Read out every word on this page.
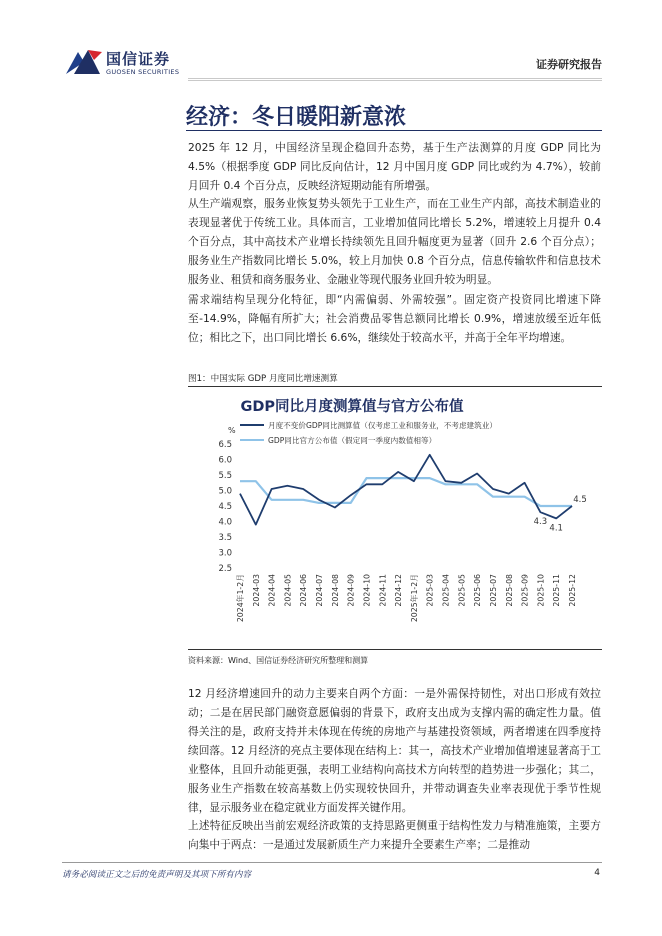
国信证券
GUOSEN SECURITIES
证券研究报告
经济：冬日暖阳新意浓

2025 年 12 月，中国经济呈现企稳回升态势，基于生产法测算的月度 GDP 同比为 4.5%（根据季度 GDP 同比反向估计，12 月中国月度 GDP 同比或约为 4.7%），较前月回升 0.4 个百分点，反映经济短期动能有所增强。

从生产端观察，服务业恢复势头领先于工业生产，而在工业生产内部，高技术制造业的表现显著优于传统工业。具体而言，工业增加值同比增长 5.2%，增速较上月提升 0.4 个百分点，其中高技术产业增长持续领先且回升幅度更为显著（回升 2.6 个百分点）；服务业生产指数同比增长 5.0%，较上月加快 0.8 个百分点，信息传输软件和信息技术服务业、租赁和商务服务业、金融业等现代服务业回升较为明显。

需求端结构呈现分化特征，即“内需偏弱、外需较强”。固定资产投资同比增速下降至-14.9%，降幅有所扩大；社会消费品零售总额同比增长 0.9%，增速放缓至近年低位；相比之下，出口同比增长 6.6%，继续处于较高水平，并高于全年平均增速。

图1：中国实际 GDP 月度同比增速测算
GDP同比月度测算值与官方公布值
月度不变价GDP同比测算值（仅考虑工业和服务业，不考虑建筑业）
GDP同比官方公布值（假定同一季度内数值相等）
%
6.5
6.0
5.5
5.0
4.5
4.0
3.5
3.0
2.5
2024年1-2月 2024-03 2024-04 2024-05 2024-06 2024-07 2024-08 2024-09 2024-10 2024-11 2024-12 2025年1-2月 2025-03 2025-04 2025-05 2025-06 2025-07 2025-08 2025-09 2025-10 2025-11 2025-12
4.3
4.1
4.5
资料来源：Wind、国信证券经济研究所整理和测算

12 月经济增速回升的动力主要来自两个方面：一是外需保持韧性，对出口形成有效拉动；二是在居民部门融资意愿偏弱的背景下，政府支出成为支撑内需的确定性力量。值得关注的是，政府支持并未体现在传统的房地产与基建投资领域，两者增速在四季度持续回落。12 月经济的亮点主要体现在结构上：其一，高技术产业增加值增速显著高于工业整体，且回升动能更强，表明工业结构向高技术方向转型的趋势进一步强化；其二，服务业生产指数在较高基数上仍实现较快回升，并带动调查失业率表现优于季节性规律，显示服务业在稳定就业方面发挥关键作用。

上述特征反映出当前宏观经济政策的支持思路更侧重于结构性发力与精准施策，主要方向集中于两点：一是通过发展新质生产力来提升全要素生产率；二是推动

请务必阅读正文之后的免责声明及其项下所有内容	4
